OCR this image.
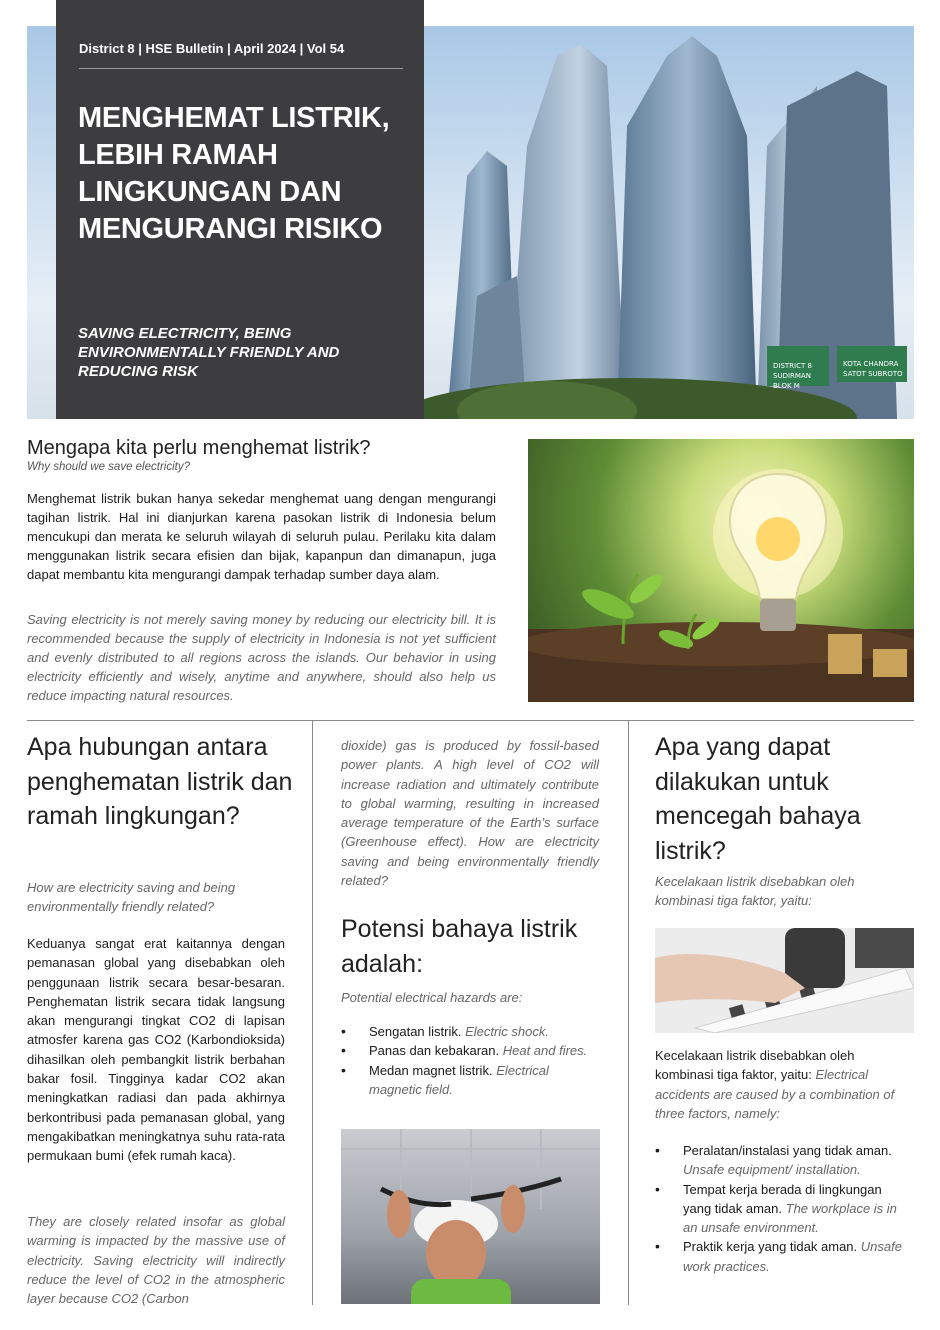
DISTRICT 8
SUDIRMAN
BLOK M
KOTA CHANDRA
SATOT SUBROTO
District 8 | HSE Bulletin | April 2024 | Vol 54
MENGHEMAT LISTRIK,
LEBIH RAMAH
LINGKUNGAN DAN
MENGURANGI RISIKO

SAVING ELECTRICITY, BEING
ENVIRONMENTALLY FRIENDLY AND
REDUCING RISK

Mengapa kita perlu menghemat listrik?
Why should we save electricity?

Menghemat listrik bukan hanya sekedar menghemat uang dengan mengurangi tagihan listrik. Hal ini dianjurkan karena pasokan listrik di Indonesia belum mencukupi dan merata ke seluruh wilayah di seluruh pulau. Perilaku kita dalam menggunakan listrik secara efisien dan bijak, kapanpun dan dimanapun, juga dapat membantu kita mengurangi dampak terhadap sumber daya alam.

Saving electricity is not merely saving money by reducing our electricity bill. It is recommended because the supply of electricity in Indonesia is not yet sufficient and evenly distributed to all regions across the islands. Our behavior in using electricity efficiently and wisely, anytime and anywhere, should also help us reduce impacting natural resources.

Apa hubungan antara penghematan listrik dan ramah lingkungan?

How are electricity saving and being environmentally friendly related?

Keduanya sangat erat kaitannya dengan pemanasan global yang disebabkan oleh penggunaan listrik secara besar-besaran. Penghematan listrik secara tidak langsung akan mengurangi tingkat CO2 di lapisan atmosfer karena gas CO2 (Karbondioksida) dihasilkan oleh pembangkit listrik berbahan bakar fosil. Tingginya kadar CO2 akan meningkatkan radiasi dan pada akhirnya berkontribusi pada pemanasan global, yang mengakibatkan meningkatnya suhu rata-rata permukaan bumi (efek rumah kaca).

They are closely related insofar as global warming is impacted by the massive use of electricity. Saving electricity will indirectly reduce the level of CO2 in the atmospheric layer because CO2 (Carbon

dioxide) gas is produced by fossil-based power plants. A high level of CO2 will increase radiation and ultimately contribute to global warming, resulting in increased average temperature of the Earth’s surface (Greenhouse effect). How are electricity saving and being environmentally friendly related?

Potensi bahaya listrik adalah:

Potential electrical hazards are:

• Sengatan listrik. Electric shock.
• Panas dan kebakaran. Heat and fires.
• Medan magnet listrik. Electrical magnetic field.
Apa yang dapat dilakukan untuk mencegah bahaya listrik?

Kecelakaan listrik disebabkan oleh kombinasi tiga faktor, yaitu:

Kecelakaan listrik disebabkan oleh kombinasi tiga faktor, yaitu: Electrical accidents are caused by a combination of three factors, namely:

• Peralatan/instalasi yang tidak aman. Unsafe equipment/ installation.
• Tempat kerja berada di lingkungan yang tidak aman. The workplace is in an unsafe environment.
• Praktik kerja yang tidak aman. Unsafe work practices.
